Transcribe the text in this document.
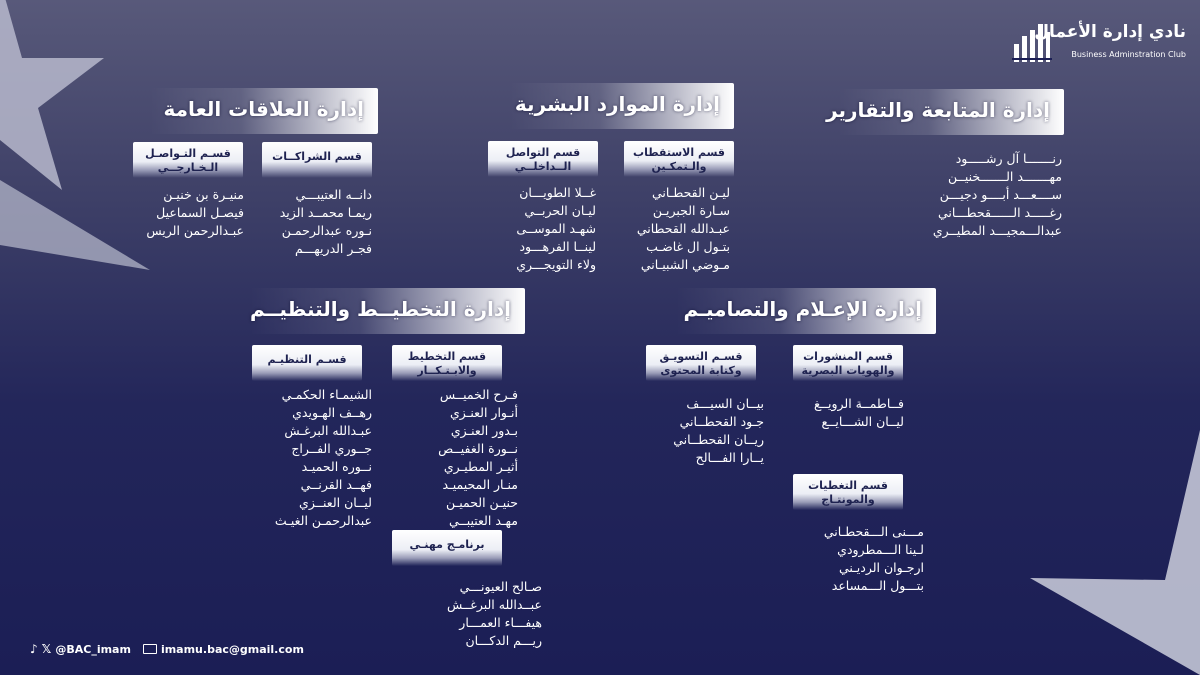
نادي إدارة الأعمال
Business Adminstration Club
إدارة المتابعة والتقارير
رنـــــــا آل رشـــــود
مهـــــــد الـــــــخنيــن
ســــعـــد أبــــو دجيـــن
رغـــــد الــــــقحطـــاني
عبدالـــمجيـــد المطيــري
إدارة الموارد البشرية
قسم الاستقطاب والـتمكـين
قسم التواصل الــداخلــي
ليـن القحطـاني
سـارة الجبريـن
عبـدالله القحطاني
بتـول ال غاضـب
مـوضي الشبيـاني
غــلا الطويـــان
ليـان الحربــي
شهـد الموســى
لينــا الفرهـــود
ولاء التويجـــري
إدارة العلاقات العامة
قسم الشراكــات
قسـم التـواصـل الـخـارجــي
دانــه العتيبـــي
ريمـا محمــد الزيد
نـوره عبدالرحمـن
فجـر الدريهـــم
منيـرة بن خنيـن
فيصـل السماعيل
عبـدالرحمن الريس
إدارة الإعـلام والتصاميـم
قسم المنشورات والهويات البصرية
قسـم التسويـق وكتابة المحتوى
فــاطمــة الرويــغ
ليــان الشـــايــع
بيــان السيـــف
جـود القحطــاني
ريــان القحطــاني
يــارا الفـــالح
قسم التغطيات والمونتـاج
مـــنى الـــقحطـاني
لـينا الـــمطرودي
ارجـوان الرديـني
بتـــول الـــمساعد
إدارة التخطيــط والتنظيــم
قسم التخطيط والابـتـكــار
قسـم التنظيـم
فـرح الخميــس
أنـوار العنـزي
بـدور العنـزي
نــورة الغفيــص
أثيـر المطيـري
منـار المحيميـد
حنيـن الحميـن
مهـد العتيبــي
الشيمـاء الحكمـي
رهــف الهـويدي
عبـدالله البرغـش
جــوري الفــراج
نــوره الحميـد
فهــد القرنــي
ليــان العنــزي
عبدالرحمـن الغيـث
برنامـج مهنـي
صـالح العيونـــي
عبــدالله البرغــش
هيفـــاء العمـــار
ريـــم الدكـــان
♪ 𝕏 @BAC_imam	imamu.bac@gmail.com
